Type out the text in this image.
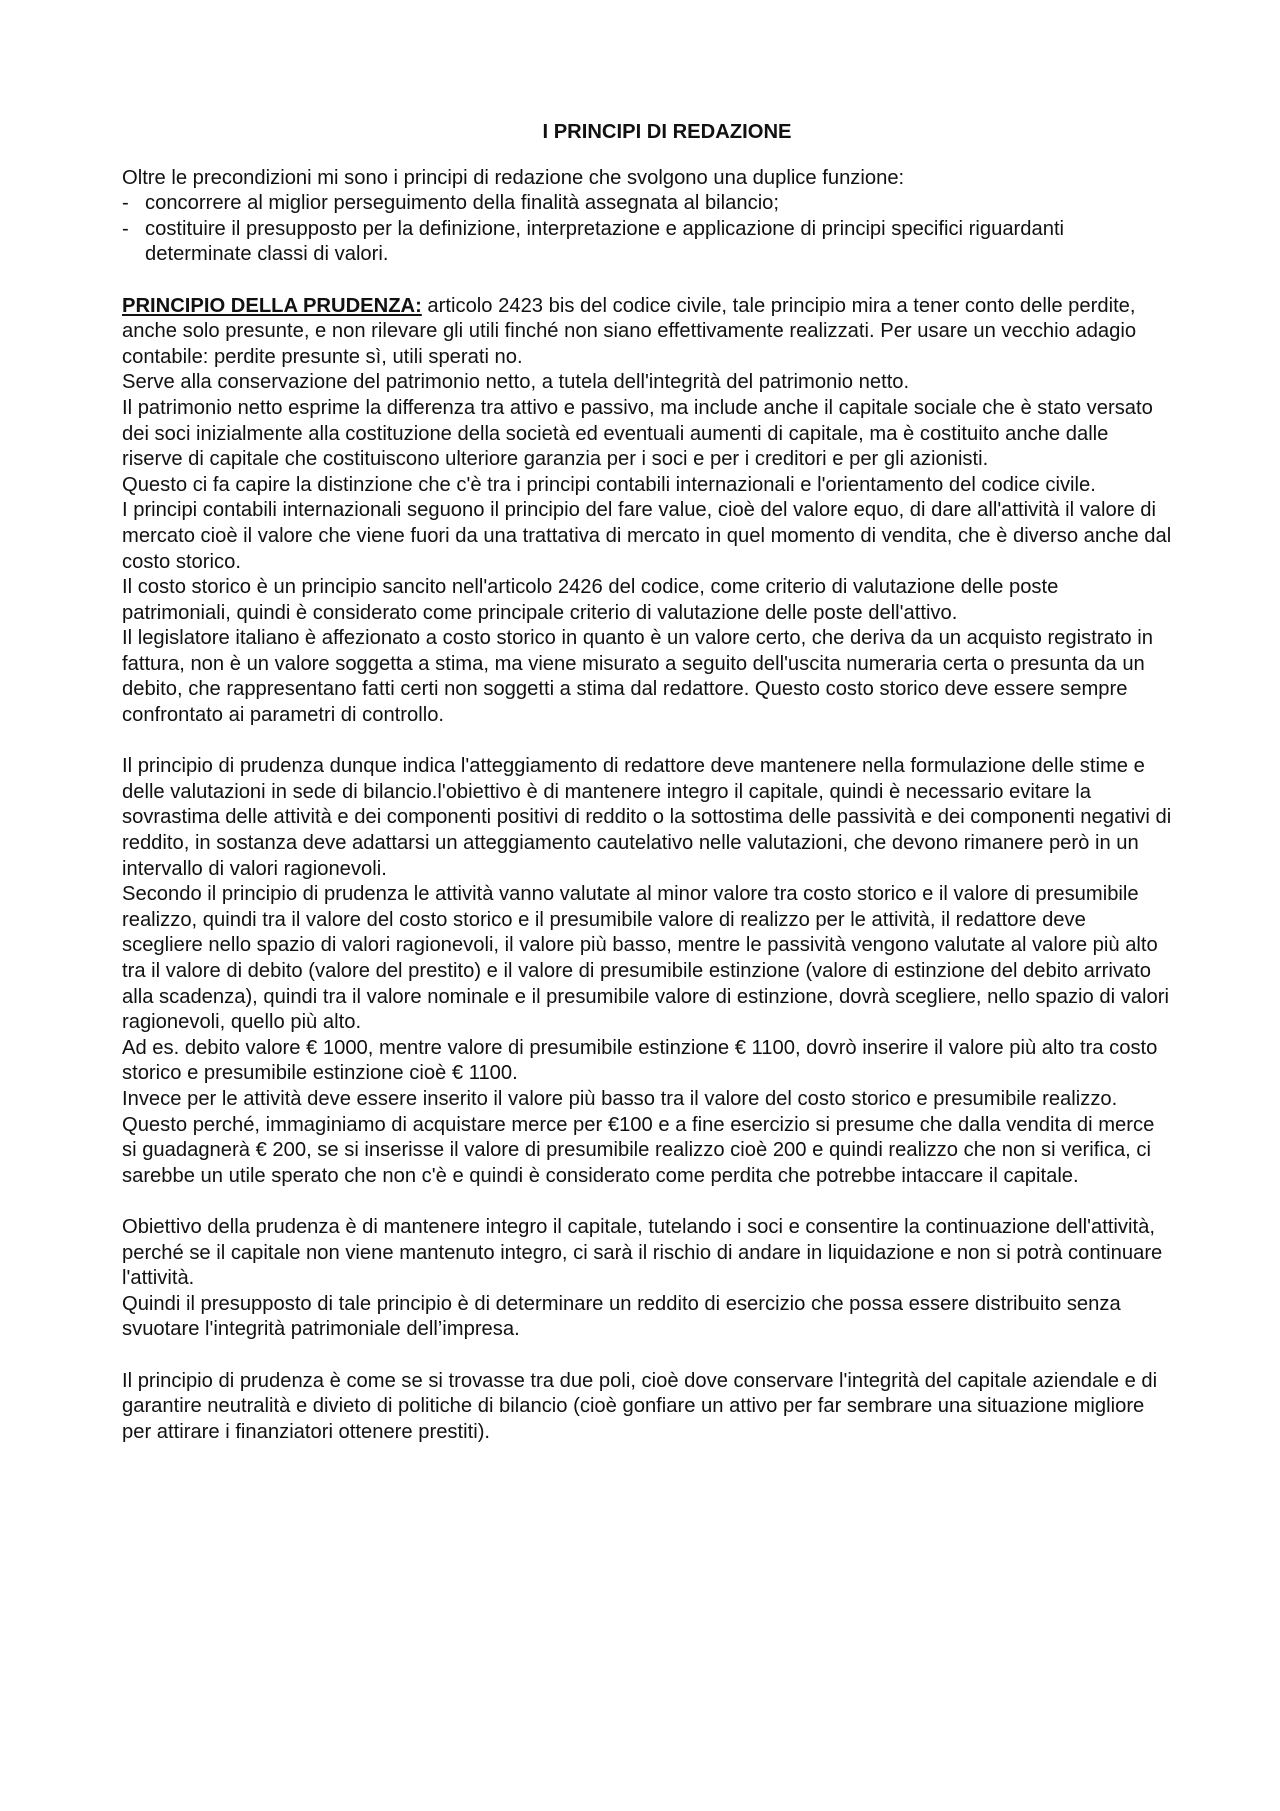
I PRINCIPI DI REDAZIONE

Oltre le precondizioni mi sono i principi di redazione che svolgono una duplice funzione:

- concorrere al miglior perseguimento della finalità assegnata al bilancio;
- costituire il presupposto per la definizione, interpretazione e applicazione di principi specifici riguardanti determinate classi di valori.

PRINCIPIO DELLA PRUDENZA: articolo 2423 bis del codice civile, tale principio mira a tener conto delle perdite, anche solo presunte, e non rilevare gli utili finché non siano effettivamente realizzati. Per usare un vecchio adagio contabile: perdite presunte sì, utili sperati no.

Serve alla conservazione del patrimonio netto, a tutela dell'integrità del patrimonio netto.

Il patrimonio netto esprime la differenza tra attivo e passivo, ma include anche il capitale sociale che è stato versato dei soci inizialmente alla costituzione della società ed eventuali aumenti di capitale, ma è costituito anche dalle riserve di capitale che costituiscono ulteriore garanzia per i soci e per i creditori e per gli azionisti.

Questo ci fa capire la distinzione che c'è tra i principi contabili internazionali e l'orientamento del codice civile.

I principi contabili internazionali seguono il principio del fare value, cioè del valore equo, di dare all'attività il valore di mercato cioè il valore che viene fuori da una trattativa di mercato in quel momento di vendita, che è diverso anche dal costo storico.

Il costo storico è un principio sancito nell'articolo 2426 del codice, come criterio di valutazione delle poste patrimoniali, quindi è considerato come principale criterio di valutazione delle poste dell'attivo.

Il legislatore italiano è affezionato a costo storico in quanto è un valore certo, che deriva da un acquisto registrato in fattura, non è un valore soggetta a stima, ma viene misurato a seguito dell'uscita numeraria certa o presunta da un debito, che rappresentano fatti certi non soggetti a stima dal redattore. Questo costo storico deve essere sempre confrontato ai parametri di controllo.

Il principio di prudenza dunque indica l'atteggiamento di redattore deve mantenere nella formulazione delle stime e delle valutazioni in sede di bilancio.l'obiettivo è di mantenere integro il capitale, quindi è necessario evitare la sovrastima delle attività e dei componenti positivi di reddito o la sottostima delle passività e dei componenti negativi di reddito, in sostanza deve adattarsi un atteggiamento cautelativo nelle valutazioni, che devono rimanere però in un intervallo di valori ragionevoli.

Secondo il principio di prudenza le attività vanno valutate al minor valore tra costo storico e il valore di presumibile realizzo, quindi tra il valore del costo storico e il presumibile valore di realizzo per le attività, il redattore deve scegliere nello spazio di valori ragionevoli, il valore più basso, mentre le passività vengono valutate al valore più alto tra il valore di debito (valore del prestito) e il valore di presumibile estinzione (valore di estinzione del debito arrivato alla scadenza), quindi tra il valore nominale e il presumibile valore di estinzione, dovrà scegliere, nello spazio di valori ragionevoli, quello più alto.

Ad es. debito valore € 1000, mentre valore di presumibile estinzione € 1100, dovrò inserire il valore più alto tra costo storico e presumibile estinzione cioè € 1100.

Invece per le attività deve essere inserito il valore più basso tra il valore del costo storico e presumibile realizzo. Questo perché, immaginiamo di acquistare merce per €100 e a fine esercizio si presume che dalla vendita di merce si guadagnerà € 200, se si inserisse il valore di presumibile realizzo cioè 200 e quindi realizzo che non si verifica, ci sarebbe un utile sperato che non c'è e quindi è considerato come perdita che potrebbe intaccare il capitale.

Obiettivo della prudenza è di mantenere integro il capitale, tutelando i soci e consentire la continuazione dell'attività, perché se il capitale non viene mantenuto integro, ci sarà il rischio di andare in liquidazione e non si potrà continuare l'attività.

Quindi il presupposto di tale principio è di determinare un reddito di esercizio che possa essere distribuito senza svuotare l'integrità patrimoniale dell’impresa.

Il principio di prudenza è come se si trovasse tra due poli, cioè dove conservare l'integrità del capitale aziendale e di garantire neutralità e divieto di politiche di bilancio (cioè gonfiare un attivo per far sembrare una situazione migliore per attirare i finanziatori ottenere prestiti).
